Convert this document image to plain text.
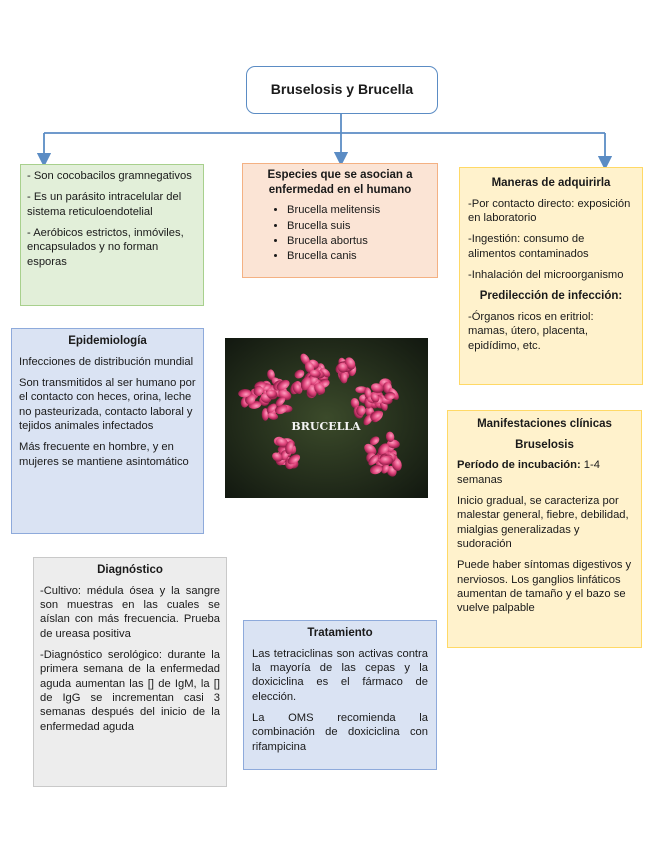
Bruselosis y Brucella

- Son cocobacilos gramnegativos

- Es un parásito intracelular del sistema reticuloendotelial

- Aeróbicos estrictos, inmóviles, encapsulados y no forman esporas

Especies que se asocian a enfermedad en el humano
• Brucella melitensis
• Brucella suis
• Brucella abortus
• Brucella canis
Maneras de adquirirla

-Por contacto directo: exposición en laboratorio

-Ingestión: consumo de alimentos contaminados

-Inhalación del microorganismo

Predilección de infección:

-Órganos ricos en eritriol: mamas, útero, placenta, epidídimo, etc.

Epidemiología

Infecciones de distribución mundial

Son transmitidos al ser humano por el contacto con heces, orina, leche no pasteurizada, contacto laboral y tejidos animales infectados

Más frecuente en hombre, y en mujeres se mantiene asintomático

BRUCELLA	Manifestaciones clínicas
Bruselosis

Período de incubación: 1-4 semanas

Inicio gradual, se caracteriza por malestar general, fiebre, debilidad, mialgias generalizadas y sudoración

Puede haber síntomas digestivos y nerviosos. Los ganglios linfáticos aumentan de tamaño y el bazo se vuelve palpable

Diagnóstico

-Cultivo: médula ósea y la sangre son muestras en las cuales se aíslan con más frecuencia. Prueba de ureasa positiva

-Diagnóstico serológico: durante la primera semana de la enfermedad aguda aumentan las [] de IgM, la [] de IgG se incrementan casi 3 semanas después del inicio de la enfermedad aguda

Tratamiento

Las tetraciclinas son activas contra la mayoría de las cepas y la doxiciclina es el fármaco de elección.

La OMS recomienda la combinación de doxiciclina con rifampicina
